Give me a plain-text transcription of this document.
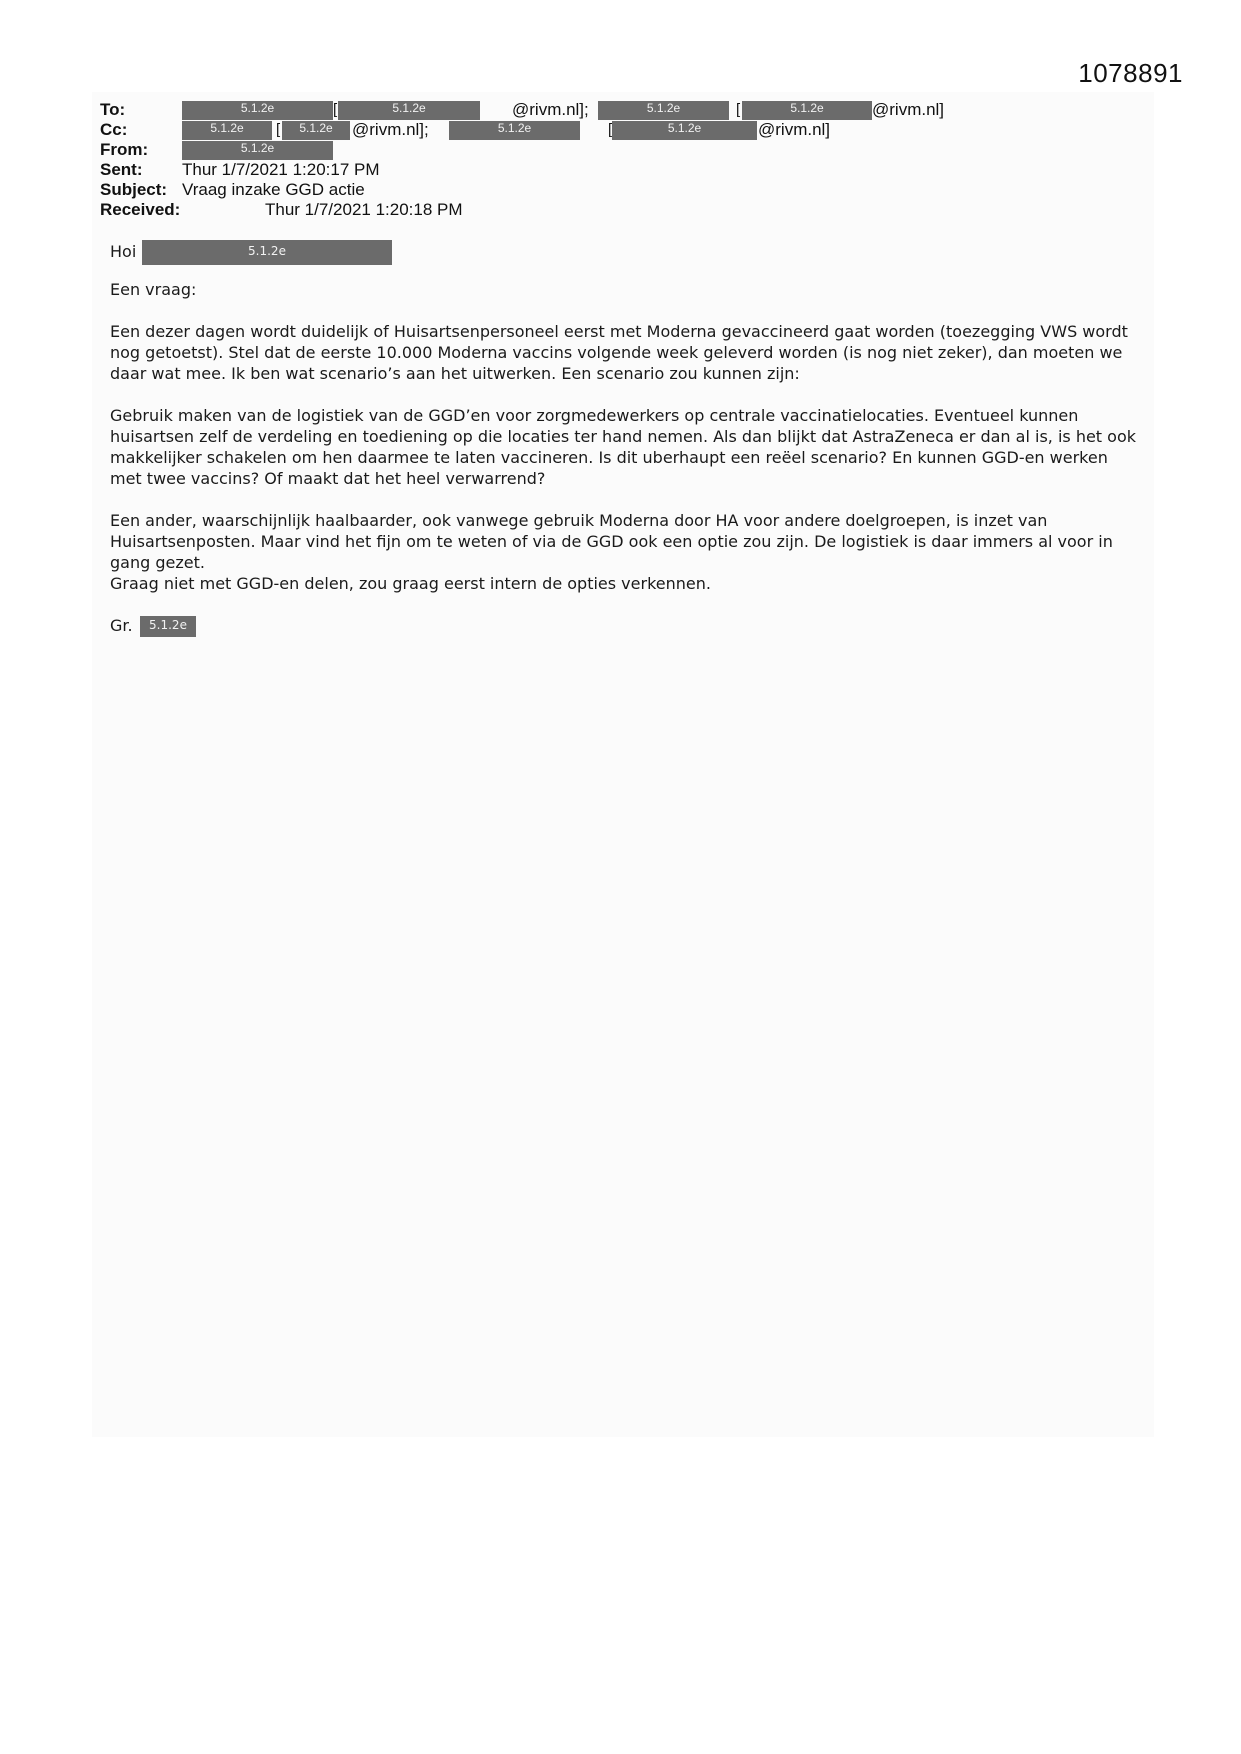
1078891
To:	5.1.2e	[	5.1.2e	@rivm.nl];	5.1.2e	[	5.1.2e	@rivm.nl]
Cc:	5.1.2e	[	5.1.2e	@rivm.nl];	5.1.2e	[	5.1.2e	@rivm.nl]
From:	5.1.2e
Sent: Thur 1/7/2021 1:20:17 PM
Subject: Vraag inzake GGD actie
Received:	Thur 1/7/2021 1:20:18 PM
Hoi	5.1.2e

Een vraag:

Een dezer dagen wordt duidelijk of Huisartsenpersoneel eerst met Moderna gevaccineerd gaat worden (toezegging VWS wordt nog getoetst). Stel dat de eerste 10.000 Moderna vaccins volgende week geleverd worden (is nog niet zeker), dan moeten we daar wat mee. Ik ben wat scenario’s aan het uitwerken. Een scenario zou kunnen zijn:

Gebruik maken van de logistiek van de GGD’en voor zorgmedewerkers op centrale vaccinatielocaties. Eventueel kunnen huisartsen zelf de verdeling en toediening op die locaties ter hand nemen. Als dan blijkt dat AstraZeneca er dan al is, is het ook makkelijker schakelen om hen daarmee te laten vaccineren. Is dit uberhaupt een reëel scenario? En kunnen GGD-en werken met twee vaccins? Of maakt dat het heel verwarrend?

Een ander, waarschijnlijk haalbaarder, ook vanwege gebruik Moderna door HA voor andere doelgroepen, is inzet van Huisartsenposten. Maar vind het fijn om te weten of via de GGD ook een optie zou zijn. De logistiek is daar immers al voor in gang gezet.

Graag niet met GGD-en delen, zou graag eerst intern de opties verkennen.

Gr.	5.1.2e
